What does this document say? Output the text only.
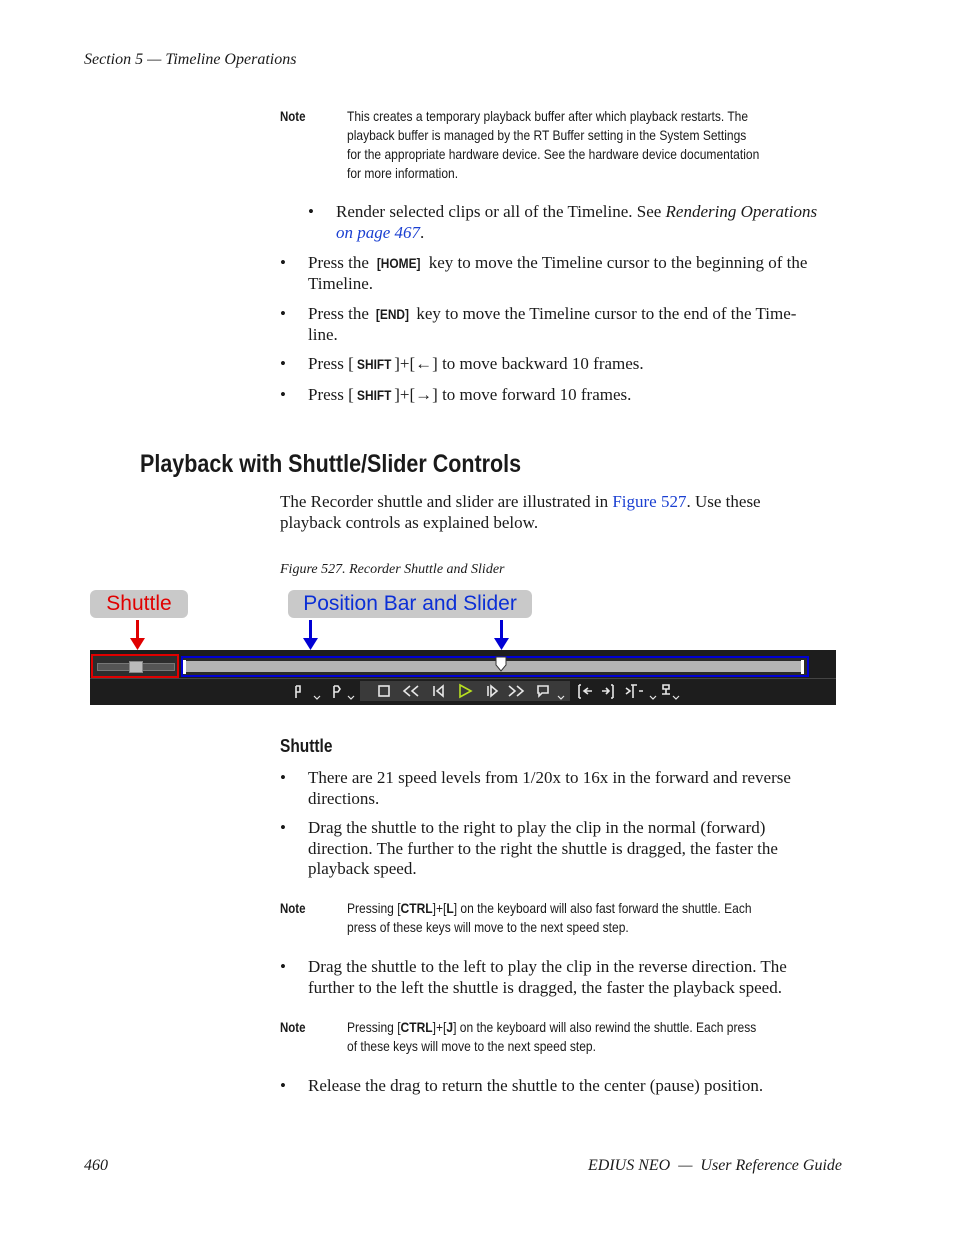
Section 5 — Timeline Operations
Note	This creates a temporary playback buffer after which playback restarts. The
playback buffer is managed by the RT Buffer setting in the System Settings
for the appropriate hardware device. See the hardware device documentation
for more information.
• Render selected clips or all of the Timeline. See Rendering Operations
on page 467.
• Press the [HOME] key to move the Timeline cursor to the beginning of the
Timeline.
• Press the [END] key to move the Timeline cursor to the end of the Time-
line.
• Press [ SHIFT ]+[←] to move backward 10 frames.
• Press [ SHIFT ]+[→] to move forward 10 frames.
Playback with Shuttle/Slider Controls
The Recorder shuttle and slider are illustrated in Figure 527. Use these
playback controls as explained below.
Figure 527. Recorder Shuttle and Slider
Shuttle	Position Bar and Slider
Shuttle
• There are 21 speed levels from 1/20x to 16x in the forward and reverse
directions.
• Drag the shuttle to the right to play the clip in the normal (forward)
direction. The further to the right the shuttle is dragged, the faster the
playback speed.
Note	Pressing [CTRL]+[L] on the keyboard will also fast forward the shuttle. Each
press of these keys will move to the next speed step.
• Drag the shuttle to the left to play the clip in the reverse direction. The
further to the left the shuttle is dragged, the faster the playback speed.
Note	Pressing [CTRL]+[J] on the keyboard will also rewind the shuttle. Each press
of these keys will move to the next speed step.
• Release the drag to return the shuttle to the center (pause) position.
460	EDIUS NEO  —  User Reference Guide
